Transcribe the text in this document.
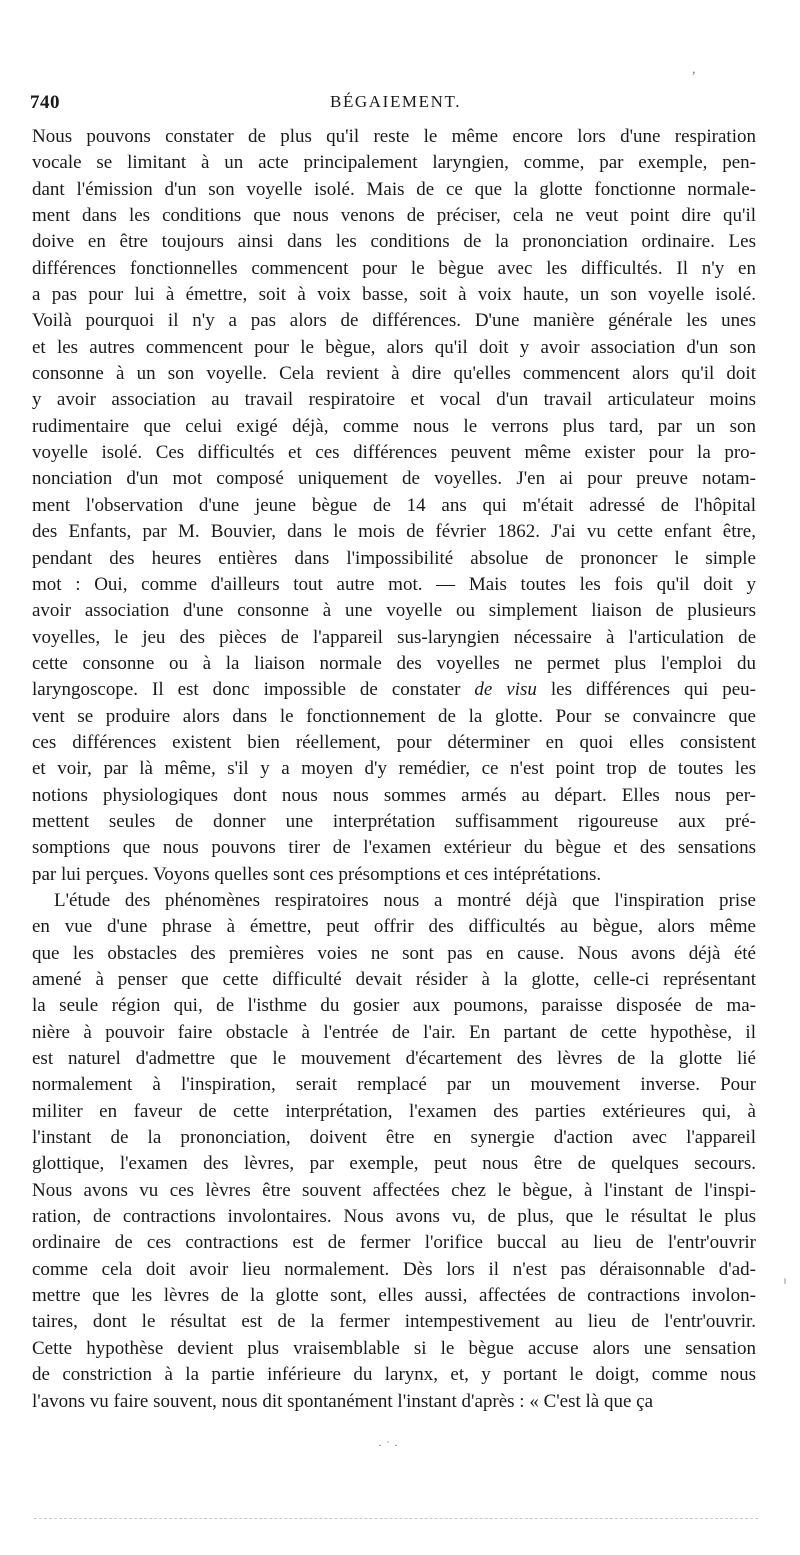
,
740	BÉGAIEMENT.
Nous pouvons constater de plus qu'il reste le même encore lors d'une respiration
vocale se limitant à un acte principalement laryngien, comme, par exemple, pen-
dant l'émission d'un son voyelle isolé. Mais de ce que la glotte fonctionne normale-
ment dans les conditions que nous venons de préciser, cela ne veut point dire qu'il
doive en être toujours ainsi dans les conditions de la prononciation ordinaire. Les
différences fonctionnelles commencent pour le bègue avec les difficultés. Il n'y en
a pas pour lui à émettre, soit à voix basse, soit à voix haute, un son voyelle isolé.
Voilà pourquoi il n'y a pas alors de différences. D'une manière générale les unes
et les autres commencent pour le bègue, alors qu'il doit y avoir association d'un son
consonne à un son voyelle. Cela revient à dire qu'elles commencent alors qu'il doit
y avoir association au travail respiratoire et vocal d'un travail articulateur moins
rudimentaire que celui exigé déjà, comme nous le verrons plus tard, par un son
voyelle isolé. Ces difficultés et ces différences peuvent même exister pour la pro-
nonciation d'un mot composé uniquement de voyelles. J'en ai pour preuve notam-
ment l'observation d'une jeune bègue de 14 ans qui m'était adressé de l'hôpital
des Enfants, par M. Bouvier, dans le mois de février 1862. J'ai vu cette enfant être,
pendant des heures entières dans l'impossibilité absolue de prononcer le simple
mot : Oui, comme d'ailleurs tout autre mot. — Mais toutes les fois qu'il doit y
avoir association d'une consonne à une voyelle ou simplement liaison de plusieurs
voyelles, le jeu des pièces de l'appareil sus-laryngien nécessaire à l'articulation de
cette consonne ou à la liaison normale des voyelles ne permet plus l'emploi du
laryngoscope. Il est donc impossible de constater de visu les différences qui peu-
vent se produire alors dans le fonctionnement de la glotte. Pour se convaincre que
ces différences existent bien réellement, pour déterminer en quoi elles consistent
et voir, par là même, s'il y a moyen d'y remédier, ce n'est point trop de toutes les
notions physiologiques dont nous nous sommes armés au départ. Elles nous per-
mettent seules de donner une interprétation suffisamment rigoureuse aux pré-
somptions que nous pouvons tirer de l'examen extérieur du bègue et des sensations
par lui perçues. Voyons quelles sont ces présomptions et ces intéprétations.
L'étude des phénomènes respiratoires nous a montré déjà que l'inspiration prise
en vue d'une phrase à émettre, peut offrir des difficultés au bègue, alors même
que les obstacles des premières voies ne sont pas en cause. Nous avons déjà été
amené à penser que cette difficulté devait résider à la glotte, celle-ci représentant
la seule région qui, de l'isthme du gosier aux poumons, paraisse disposée de ma-
nière à pouvoir faire obstacle à l'entrée de l'air. En partant de cette hypothèse, il
est naturel d'admettre que le mouvement d'écartement des lèvres de la glotte lié
normalement à l'inspiration, serait remplacé par un mouvement inverse. Pour
militer en faveur de cette interprétation, l'examen des parties extérieures qui, à
l'instant de la prononciation, doivent être en synergie d'action avec l'appareil
glottique, l'examen des lèvres, par exemple, peut nous être de quelques secours.
Nous avons vu ces lèvres être souvent affectées chez le bègue, à l'instant de l'inspi-
ration, de contractions involontaires. Nous avons vu, de plus, que le résultat le plus
ordinaire de ces contractions est de fermer l'orifice buccal au lieu de l'entr'ouvrir
comme cela doit avoir lieu normalement. Dès lors il n'est pas déraisonnable d'ad-
mettre que les lèvres de la glotte sont, elles aussi, affectées de contractions involon-
taires, dont le résultat est de la fermer intempestivement au lieu de l'entr'ouvrir.
Cette hypothèse devient plus vraisemblable si le bègue accuse alors une sensation
de constriction à la partie inférieure du larynx, et, y portant le doigt, comme nous
l'avons vu faire souvent, nous dit spontanément l'instant d'après : « C'est là que ça
ˡ
·˙·
